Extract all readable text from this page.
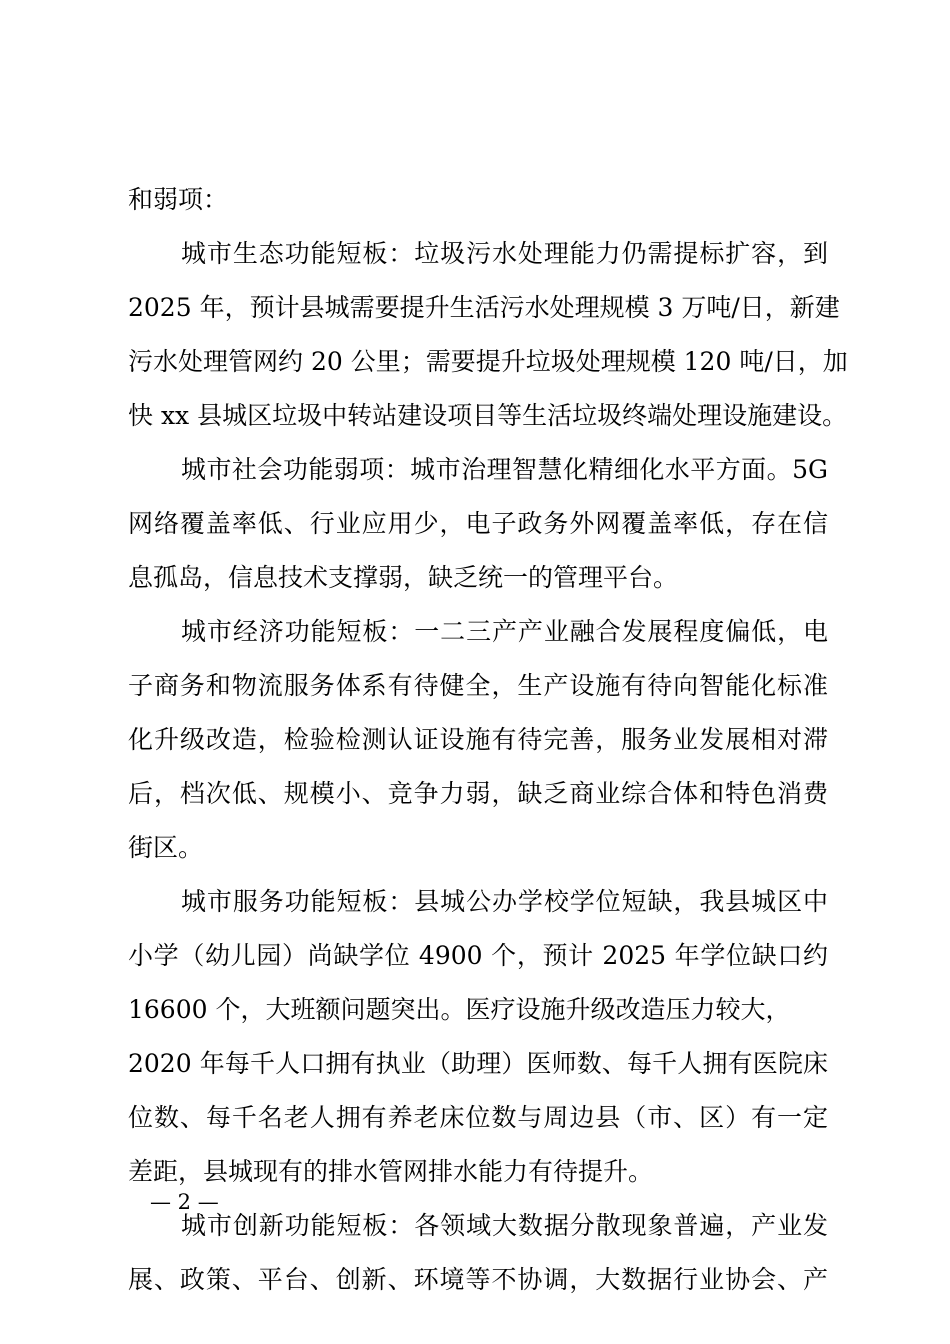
和弱项：
城市生态功能短板：垃圾污水处理能力仍需提标扩容，到
2025 年，预计县城需要提升生活污水处理规模 3 万吨/日，新建
污水处理管网约 20 公里；需要提升垃圾处理规模 120 吨/日，加
快 xx 县城区垃圾中转站建设项目等生活垃圾终端处理设施建设。
城市社会功能弱项：城市治理智慧化精细化水平方面。5G
网络覆盖率低、行业应用少，电子政务外网覆盖率低，存在信
息孤岛，信息技术支撑弱，缺乏统一的管理平台。
城市经济功能短板：一二三产产业融合发展程度偏低，电
子商务和物流服务体系有待健全，生产设施有待向智能化标准
化升级改造，检验检测认证设施有待完善，服务业发展相对滞
后，档次低、规模小、竞争力弱，缺乏商业综合体和特色消费
街区。
城市服务功能短板：县城公办学校学位短缺，我县城区中
小学（幼儿园）尚缺学位 4900 个，预计 2025 年学位缺口约
16600 个，大班额问题突出。医疗设施升级改造压力较大，
2020 年每千人口拥有执业（助理）医师数、每千人拥有医院床
位数、每千名老人拥有养老床位数与周边县（市、区）有一定
差距，县城现有的排水管网排水能力有待提升。
城市创新功能短板：各领域大数据分散现象普遍，产业发
展、政策、平台、创新、环境等不协调，大数据行业协会、产
— 2 —
